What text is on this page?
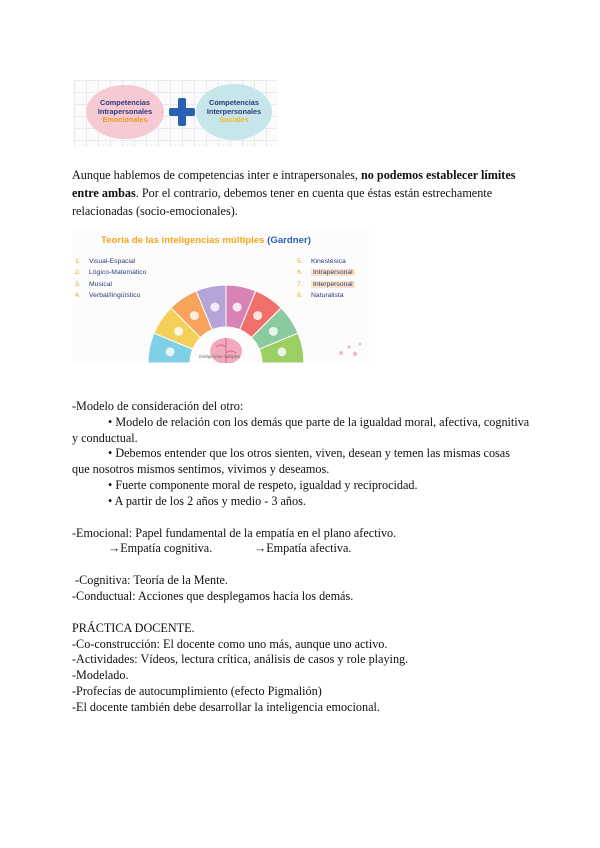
Competencias
Intrapersonales
Emocionales
Competencias
Interpersonales
Sociales
Aunque hablemos de competencias inter e intrapersonales, no podemos establecer límites entre ambas. Por el contrario, debemos tener en cuenta que éstas están estrechamente relacionadas (socio-emocionales).
Teoría de las inteligencias múltiples (Gardner)
1. Visual-Espacial
2. Lógico-Matemático
3. Musical
4. Verbal/lingüístico
5. Kinestésica
6. Intrapersonal
7. Interpersonal
8. Naturalista
Inteligencias múltiples

-Modelo de consideración del otro:

• Modelo de relación con los demás que parte de la igualdad moral, afectiva, cognitiva

y conductual.

• Debemos entender que los otros sienten, viven, desean y temen las mismas cosas

que nosotros mismos sentimos, vivimos y deseamos.

• Fuerte componente moral de respeto, igualdad y reciprocidad.

• A partir de los 2 años y medio - 3 años.

-Emocional: Papel fundamental de la empatía en el plano afectivo.

→Empatía cognitiva.	→Empatía afectiva.

-Cognitiva: Teoría de la Mente.

-Conductual: Acciones que desplegamos hacia los demás.

PRÁCTICA DOCENTE.

-Co-construcción: El docente como uno más, aunque uno activo.

-Actividades: Vídeos, lectura crítica, análisis de casos y role playing.

-Modelado.

-Profecías de autocumplimiento (efecto Pigmalión)

-El docente también debe desarrollar la inteligencia emocional.
